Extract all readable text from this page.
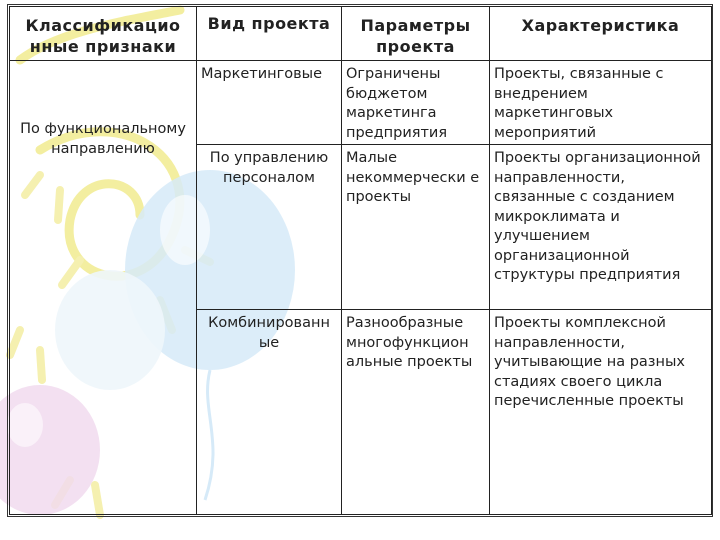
Классификацио нные признаки	Вид проекта	Параметры проекта	Характеристика
По функциональному направлению	Маркетинговые	Ограничены бюджетом маркетинга предприятия	Проекты, связанные с внедрением маркетинговых мероприятий
	По управлению персоналом	Малые некоммерчески е проекты	Проекты организационной направленности, связанные с созданием микроклимата и улучшением организационной структуры предприятия
	Комбинированн ые	Разнообразные многофункцион альные проекты	Проекты комплексной направленности, учитывающие на разных стадиях своего цикла перечисленные проекты
